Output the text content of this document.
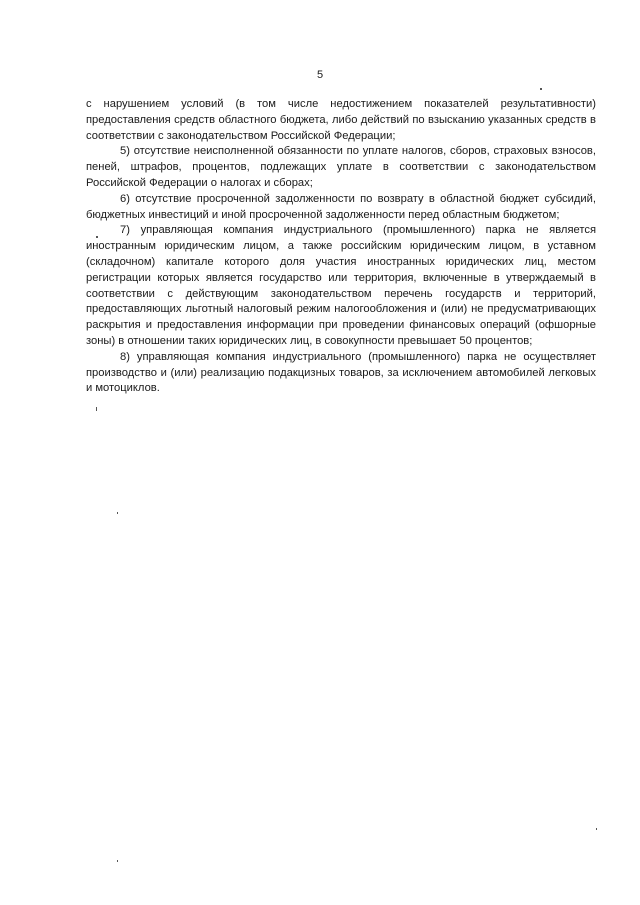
5

с нарушением условий (в том числе недостижением показателей результативности) предоставления средств областного бюджета, либо действий по взысканию указанных средств в соответствии с законодательством Российской Федерации;

5) отсутствие неисполненной обязанности по уплате налогов, сборов, страховых взносов, пеней, штрафов, процентов, подлежащих уплате в соответствии с законодательством Российской Федерации о налогах и сборах;

6) отсутствие просроченной задолженности по возврату в областной бюджет субсидий, бюджетных инвестиций и иной просроченной задолженности перед областным бюджетом;

7) управляющая компания индустриального (промышленного) парка не является иностранным юридическим лицом, а также российским юридическим лицом, в уставном (складочном) капитале которого доля участия иностранных юридических лиц, местом регистрации которых является государство или территория, включенные в утверждаемый в соответствии с действующим законодательством перечень государств и территорий, предоставляющих льготный налоговый режим налогообложения и (или) не предусматривающих раскрытия и предоставления информации при проведении финансовых операций (офшорные зоны) в отношении таких юридических лиц, в совокупности превышает 50 процентов;

8) управляющая компания индустриального (промышленного) парка не осуществляет производство и (или) реализацию подакцизных товаров, за исключением автомобилей легковых и мотоциклов.
